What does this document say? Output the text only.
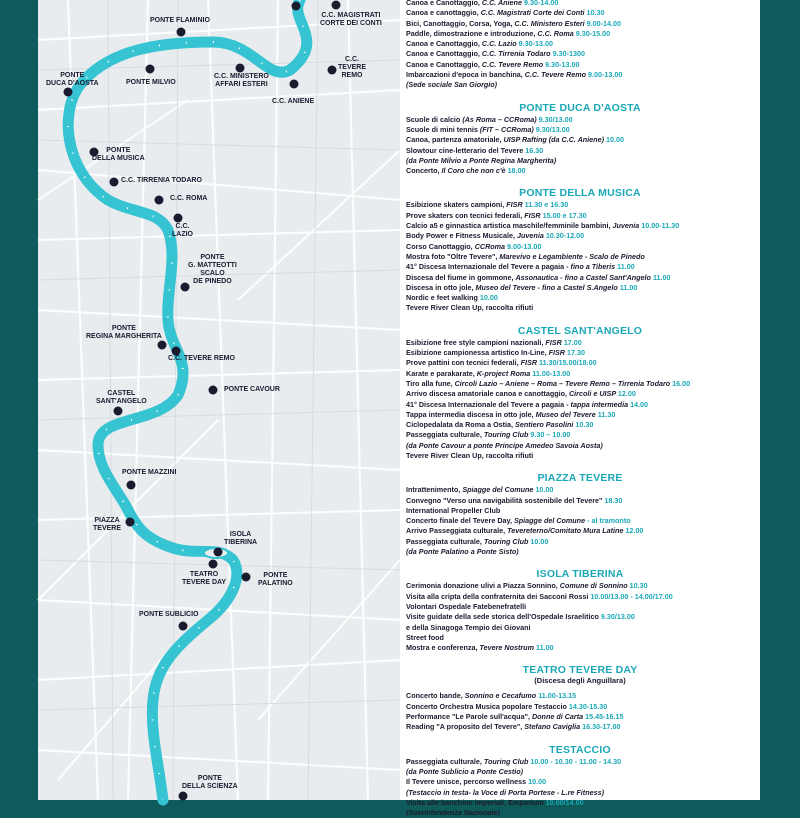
PONTE FLAMINIO
C.C. MAGISTRATI
CORTE DEI CONTI
PONTE
DUCA D'AOSTA	PONTE MILVIO
C.C. MINISTERO
AFFARI ESTERI
C.C.
TEVERE
REMO
C.C. ANIENE
PONTE
DELLA MUSICA
C.C. TIRRENIA TODARO
C.C. ROMA
C.C.
LAZIO
PONTE
G. MATTEOTTI
SCALO
DE PINEDO
PONTE
REGINA MARGHERITA
C.C. TEVERE REMO
PONTE CAVOUR
CASTEL
SANT'ANGELO
PONTE MAZZINI
PIAZZA
TEVERE
ISOLA
TIBERINA
TEATRO
TEVERE DAY
PONTE
PALATINO
PONTE SUBLICIO
PONTE
DELLA SCIENZA
Canoa e Canottaggio, C.C. Aniene 9.30-14.00
Canoa e canottaggio, C.C. Magistrati Corte dei Conti 10.30
Bici, Canottaggio, Corsa, Yoga, C.C. Ministero Esteri 9.00-14.00
Paddle, dimostrazione e introduzione, C.C. Roma 9.30-15.00
Canoa e Canottaggio, C.C. Lazio 9.30-13.00
Canoa e Canottaggio, C.C. Tirrenia Todaro 9.30-1300
Canoa e Canottaggio, C.C. Tevere Remo 9.30-13.00
Imbarcazioni d'epoca in banchina, C.C. Tevere Remo 9.00-13.00
(Sede sociale San Giorgio)
PONTE DUCA D'AOSTA
Scuole di calcio (As Roma – CCRoma) 9.30/13.00
Scuole di mini tennis (FIT – CCRoma) 9.30/13.00
Canoa, partenza amatoriale, UISP Rafting (da C.C. Aniene) 10.00
Slowtour cine-letterario del Tevere 16.30
(da Ponte Milvio a Ponte Regina Margherita)
Concerto, Il Coro che non c'è 18.00
PONTE DELLA MUSICA
Esibizione skaters campioni, FISR 11.30 e 16.30
Prove skaters con tecnici federali, FISR 15.00 e 17.30
Calcio a5 e ginnastica artistica maschile/femminile bambini, Juvenia 10.00-11.30
Body Power e Fitness Musicale, Juvenia 10.30-12.00
Corso Canottaggio, CCRoma 9.00-13.00
Mostra foto "Oltre Tevere", Marevivo e Legambiente - Scalo de Pinedo
41° Discesa Internazionale del Tevere a pagaia - fino a Tiberis 11.00
Discesa del fiume in gommone, Assonautica - fino a Castel Sant'Angelo 11.00
Discesa in otto jole, Museo del Tevere - fino a Castel S.Angelo 11.00
Nordic e feet walking 10.00
Tevere River Clean Up, raccolta rifiuti
CASTEL SANT'ANGELO
Esibizione free style campioni nazionali, FISR 17.00
Esibizione campionessa artistico In-Line, FISR 17.30
Prove pattini con tecnici federali, FISR 11.30/15.00/18.00
Karate e parakarate, K-project Roma 11.00-13.00
Tiro alla fune, Circoli Lazio – Aniene – Roma – Tevere Remo – Tirrenia Todaro 16.00
Arrivo discesa amatoriale canoa e canottaggio, Circoli e UISP 12.00
41° Discesa Internazionale del Tevere a pagaia - tappa intermedia 14.00
Tappa intermedia discesa in otto jole, Museo del Tevere 11.30
Ciclopedalata da Roma a Ostia, Sentiero Pasolini 10.30
Passeggiata culturale, Touring Club 9.30 – 10.00
(da Ponte Cavour a ponte Principe Amedeo Savoia Aosta)
Tevere River Clean Up, raccolta rifiuti
PIAZZA TEVERE
Intrattenimento, Spiagge del Comune 10.00
Convegno "Verso una navigabilità sostenibile del Tevere" 18.30
International Propeller Club
Concerto finale del Tevere Day, Spiagge del Comune - al tramonto
Arrivo Passeggiata culturale, Tevereterno/Comitato Mura Latine 12.00
Passeggiata culturale, Touring Club 10.00
(da Ponte Palatino a Ponte Sisto)
ISOLA TIBERINA
Cerimonia donazione ulivi a Piazza Sonnino, Comune di Sonnino 10.30
Visita alla cripta della confraternita dei Sacconi Rossi 10.00/13.00 - 14.00/17.00
Volontari Ospedale Fatebenefratelli
Visite guidate della sede storica dell'Ospedale Israelitico 9.30/13.00
e della Sinagoga Tempio dei Giovani
Street food
Mostra e conferenza, Tevere Nostrum 11.00
TEATRO TEVERE DAY
(Discesa degli Anguillara)
Concerto bande, Sonnino e Cecafumo 11.00-13.15
Concerto Orchestra Musica popolare Testaccio 14.30-15.30
Performance "Le Parole sull'acqua", Donne di Carta 15.45-16.15
Reading "A proposito del Tevere", Stefano Caviglia 16.30-17.00
TESTACCIO
Passeggiata culturale, Touring Club 10.00 - 10.30 - 11.00 - 14.30
(da Ponte Sublicio a Ponte Cestio)
Il Tevere unisce, percorso wellness 10.00
(Testaccio in testa- la Voce di Porta Portese - L.re Fitness)
Visita alle banchine imperiali, Emporium 10.00/14.00
(Sovrintendenza Nazionale)
